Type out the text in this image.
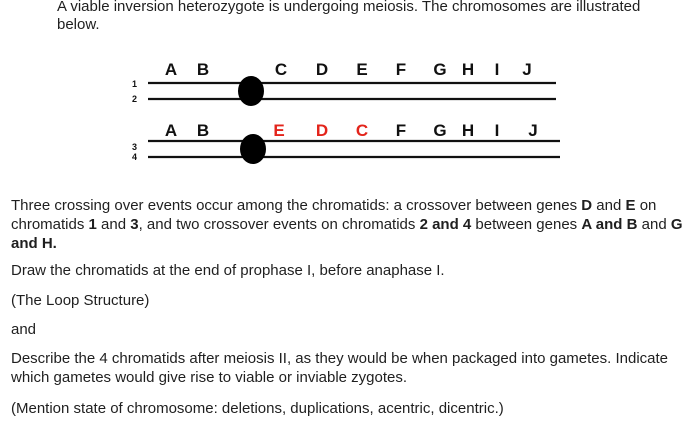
A viable inversion heterozygote is undergoing meiosis. The chromosomes are illustrated below.
1
2
3
4
A B	C D E F G H I J
A B	E D C F G H I J

Three crossing over events occur among the chromatids: a crossover between genes D and E on chromatids 1 and 3, and two crossover events on chromatids 2 and 4 between genes A and B and G and H.

Draw the chromatids at the end of prophase I, before anaphase I.

(The Loop Structure)

and

Describe the 4 chromatids after meiosis II, as they would be when packaged into gametes. Indicate which gametes would give rise to viable or inviable zygotes.

(Mention state of chromosome: deletions, duplications, acentric, dicentric.)
